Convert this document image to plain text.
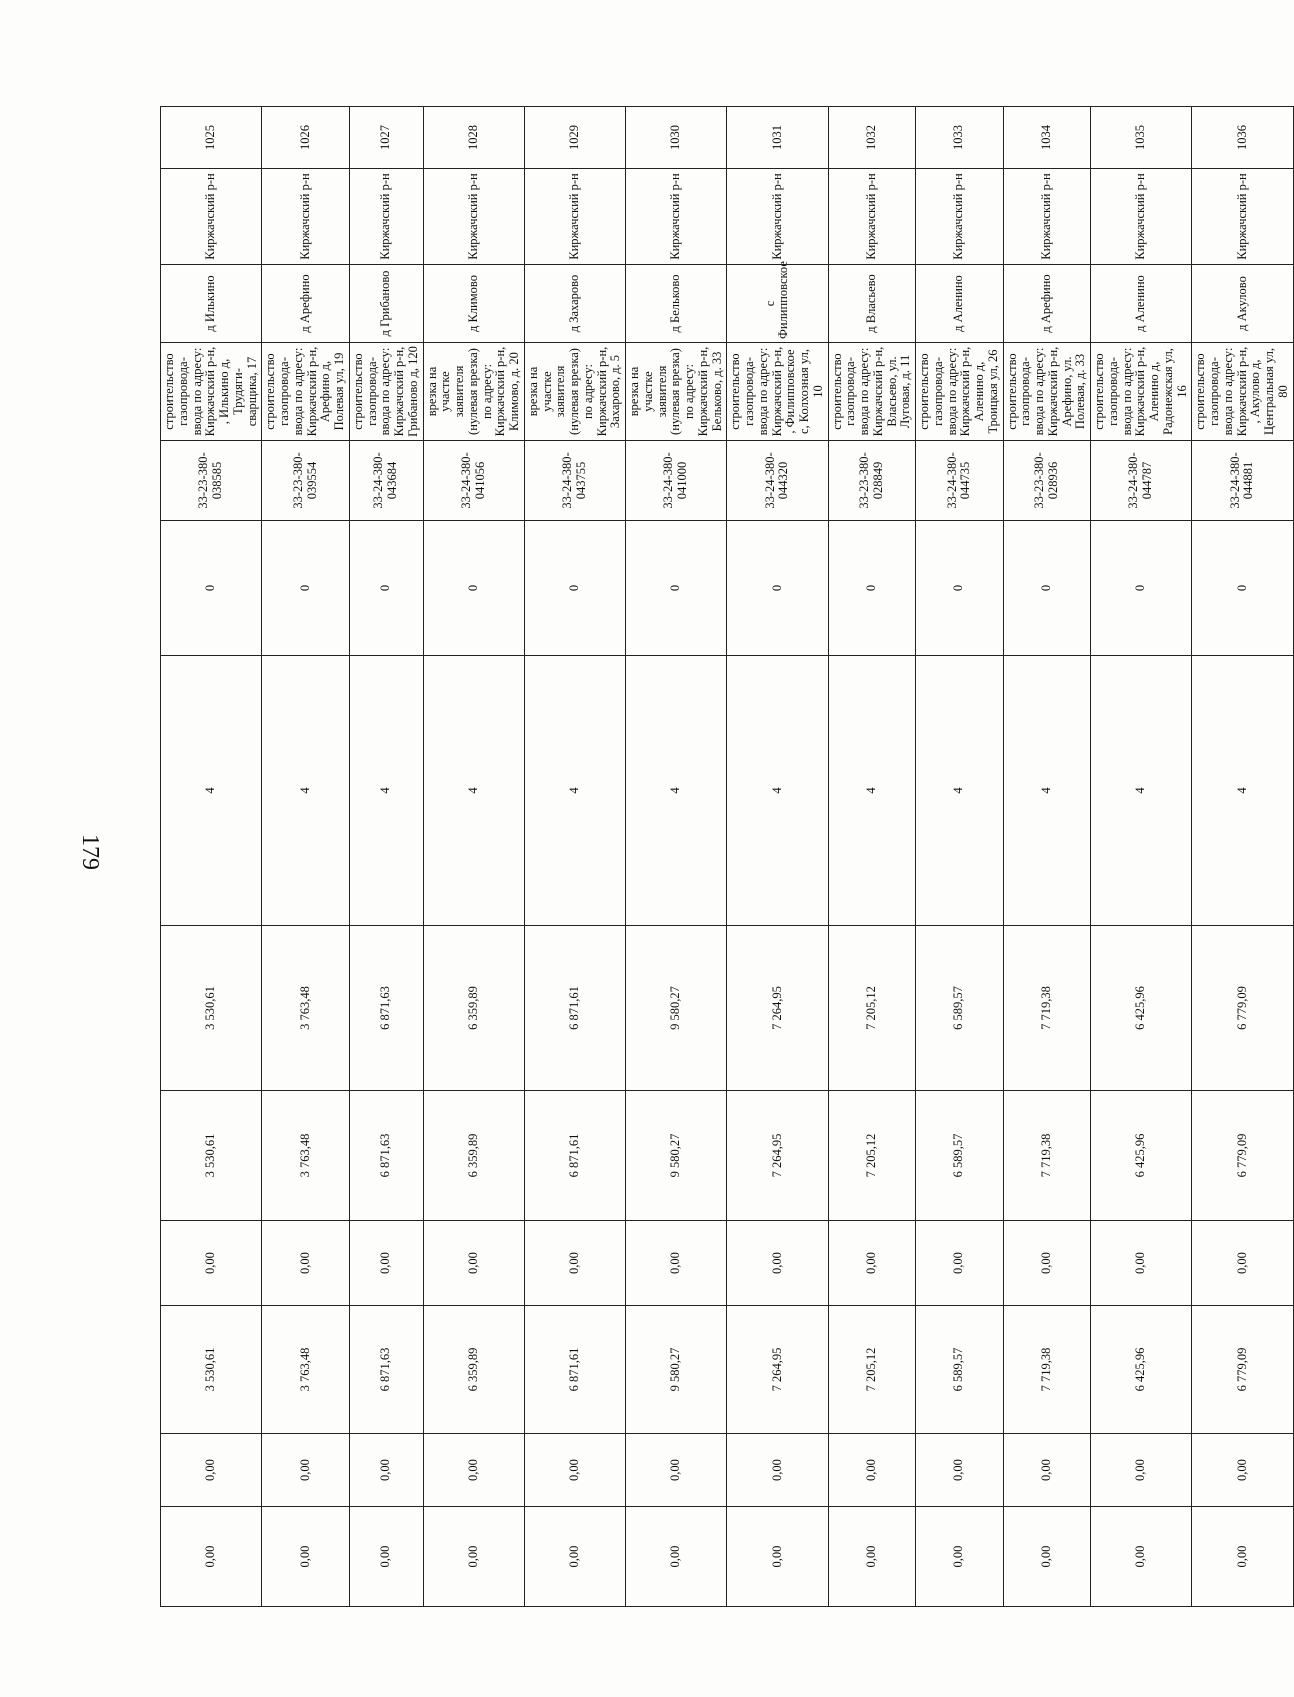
179
0,00	0,00	3 530,61	0,00	3 530,61	3 530,61	4	0	33-23-380-038585	строительство газопровода-ввода по адресу: Киржачский р-н, , Илькино д, Трудяги-сварщика, 17	д Илькино	Киржачский р-н	1025
0,00	0,00	3 763,48	0,00	3 763,48	3 763,48	4	0	33-23-380-039554	строительство газопровода-ввода по адресу: Киржачский р-н, Арефино д, Полевая ул, 19	д Арефино	Киржачский р-н	1026
0,00	0,00	6 871,63	0,00	6 871,63	6 871,63	4	0	33-24-380-043684	строительство газопровода-ввода по адресу: Киржачский р-н, Грибаново д, 120	д Грибаново	Киржачский р-н	1027
0,00	0,00	6 359,89	0,00	6 359,89	6 359,89	4	0	33-24-380-041056	врезка на участке заявителя (нулевая врезка) по адресу: Киржачский р-н, Климово, д. 20	д Климово	Киржачский р-н	1028
0,00	0,00	6 871,61	0,00	6 871,61	6 871,61	4	0	33-24-380-043755	врезка на участке заявителя (нулевая врезка) по адресу: Киржачский р-н, Захарово, д. 5	д Захарово	Киржачский р-н	1029
0,00	0,00	9 580,27	0,00	9 580,27	9 580,27	4	0	33-24-380-041000	врезка на участке заявителя (нулевая врезка) по адресу: Киржачский р-н, Бельково, д. 33	д Бельково	Киржачский р-н	1030
0,00	0,00	7 264,95	0,00	7 264,95	7 264,95	4	0	33-24-380-044320	строительство газопровода-ввода по адресу: Киржачский р-н, , Филипповское с, Колхозная ул, 10	с Филипповское	Киржачский р-н	1031
0,00	0,00	7 205,12	0,00	7 205,12	7 205,12	4	0	33-23-380-028849	строительство газопровода-ввода по адресу: Киржачский р-н, Власьево, ул. Луговая, д. 11	д Власьево	Киржачский р-н	1032
0,00	0,00	6 589,57	0,00	6 589,57	6 589,57	4	0	33-24-380-044735	строительство газопровода-ввода по адресу: Киржачский р-н, Аленино д, Троицкая ул, 26	д Аленино	Киржачский р-н	1033
0,00	0,00	7 719,38	0,00	7 719,38	7 719,38	4	0	33-23-380-028936	строительство газопровода-ввода по адресу: Киржачский р-н, Арефино, ул. Полевая, д. 33	д Арефино	Киржачский р-н	1034
0,00	0,00	6 425,96	0,00	6 425,96	6 425,96	4	0	33-24-380-044787	строительство газопровода-ввода по адресу: Киржачский р-н, Аленино д, Радонежская ул, 16	д Аленино	Киржачский р-н	1035
0,00	0,00	6 779,09	0,00	6 779,09	6 779,09	4	0	33-24-380-044881	строительство газопровода-ввода по адресу: Киржачский р-н, , Акулово д, Центральная ул, 80	д Акулово	Киржачский р-н	1036
